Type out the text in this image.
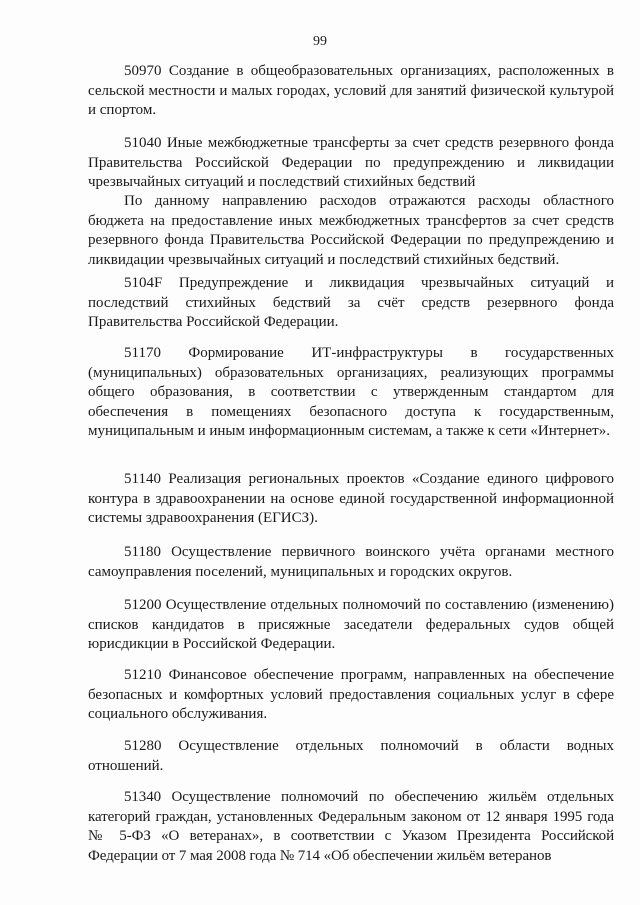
99

50970 Создание в общеобразовательных организациях, расположенных в сельской местности и малых городах, условий для занятий физической культурой и спортом.

51040 Иные межбюджетные трансферты за счет средств резервного фонда Правительства Российской Федерации по предупреждению и ликвидации чрезвычайных ситуаций и последствий стихийных бедствий

По данному направлению расходов отражаются расходы областного бюджета на предоставление иных межбюджетных трансфертов за счет средств резервного фонда Правительства Российской Федерации по предупреждению и ликвидации чрезвычайных ситуаций и последствий стихийных бедствий.

5104F Предупреждение и ликвидация чрезвычайных ситуаций и последствий стихийных бедствий за счёт средств резервного фонда Правительства Российской Федерации.

51170 Формирование ИТ-инфраструктуры в государственных (муниципальных) образовательных организациях, реализующих программы общего образования, в соответствии с утвержденным стандартом для обеспечения в помещениях безопасного доступа к государственным, муниципальным и иным информационным системам, а также к сети «Интернет».

51140 Реализация региональных проектов «Создание единого цифрового контура в здравоохранении на основе единой государственной информационной системы здравоохранения (ЕГИСЗ).

51180 Осуществление первичного воинского учёта органами местного самоуправления поселений, муниципальных и городских округов.

51200 Осуществление отдельных полномочий по составлению (изменению) списков кандидатов в присяжные заседатели федеральных судов общей юрисдикции в Российской Федерации.

51210 Финансовое обеспечение программ, направленных на обеспечение безопасных и комфортных условий предоставления социальных услуг в сфере социального обслуживания.

51280 Осуществление отдельных полномочий в области водных отношений.

51340 Осуществление полномочий по обеспечению жильём отдельных категорий граждан, установленных Федеральным законом от 12 января 1995 года № 5-ФЗ «О ветеранах», в соответствии с Указом Президента Российской Федерации от 7 мая 2008 года № 714 «Об обеспечении жильём ветеранов
